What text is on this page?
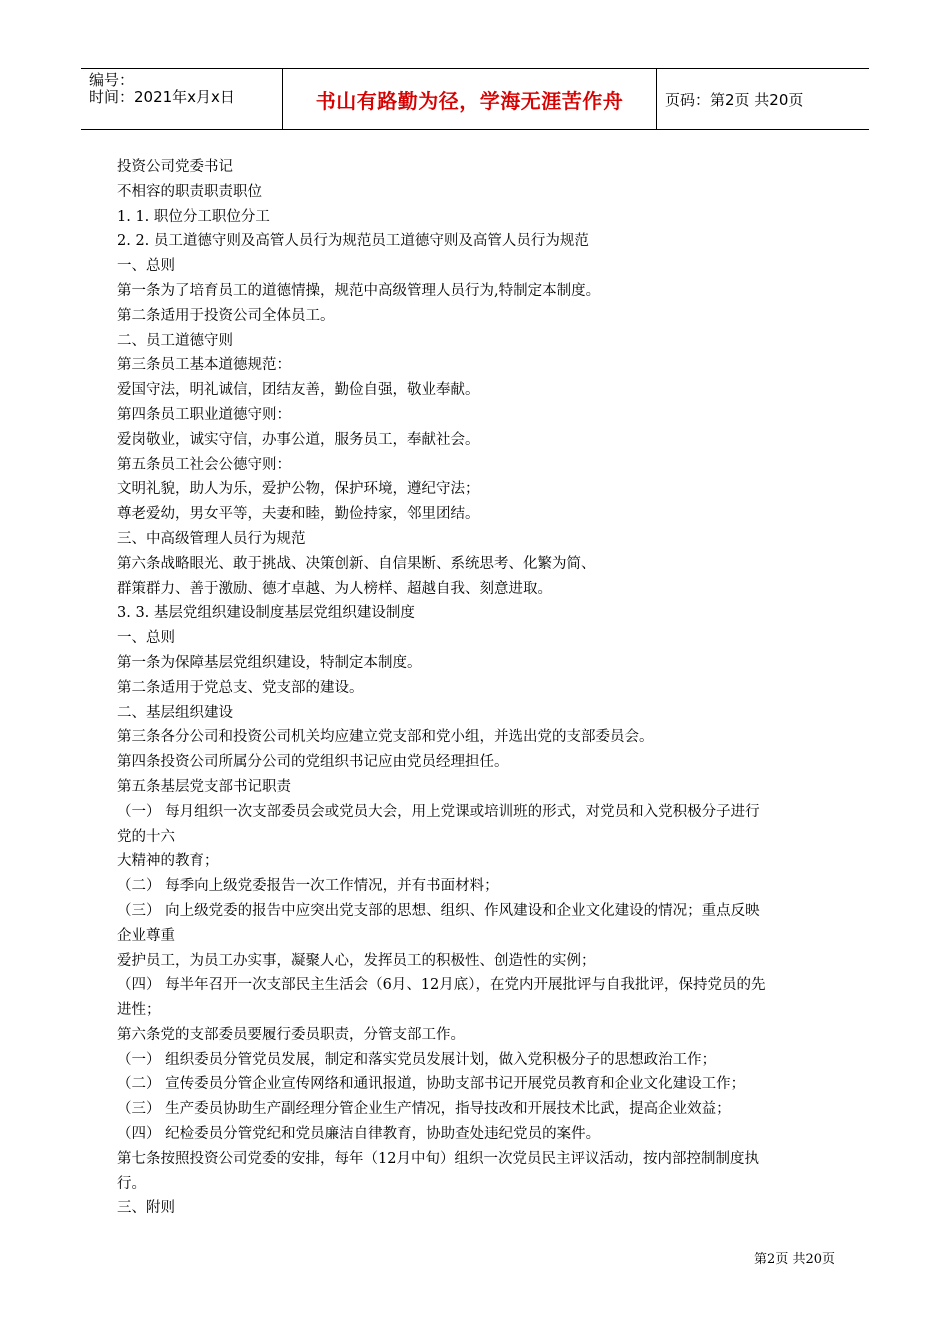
编号：
时间：2021年x月x日	书山有路勤为径，学海无涯苦作舟	页码：第2页 共20页
投资公司党委书记
不相容的职责职责职位
1. 1. 职位分工职位分工
2. 2. 员工道德守则及高管人员行为规范员工道德守则及高管人员行为规范
一、总则
第一条为了培育员工的道德情操，规范中高级管理人员行为,特制定本制度。
第二条适用于投资公司全体员工。
二、员工道德守则
第三条员工基本道德规范：
爱国守法，明礼诚信，团结友善，勤俭自强，敬业奉献。
第四条员工职业道德守则：
爱岗敬业，诚实守信，办事公道，服务员工，奉献社会。
第五条员工社会公德守则：
文明礼貌，助人为乐，爱护公物，保护环境，遵纪守法；
尊老爱幼，男女平等，夫妻和睦，勤俭持家，邻里团结。
三、中高级管理人员行为规范
第六条战略眼光、敢于挑战、决策创新、自信果断、系统思考、化繁为简、
群策群力、善于激励、德才卓越、为人榜样、超越自我、刻意进取。
3. 3. 基层党组织建设制度基层党组织建设制度
一、总则
第一条为保障基层党组织建设，特制定本制度。
第二条适用于党总支、党支部的建设。
二、基层组织建设
第三条各分公司和投资公司机关均应建立党支部和党小组，并选出党的支部委员会。
第四条投资公司所属分公司的党组织书记应由党员经理担任。
第五条基层党支部书记职责
（一） 每月组织一次支部委员会或党员大会，用上党课或培训班的形式，对党员和入党积极分子进行
党的十六
大精神的教育；
（二） 每季向上级党委报告一次工作情况，并有书面材料；
（三） 向上级党委的报告中应突出党支部的思想、组织、作风建设和企业文化建设的情况；重点反映
企业尊重
爱护员工，为员工办实事，凝聚人心，发挥员工的积极性、创造性的实例；
（四） 每半年召开一次支部民主生活会（6月、12月底），在党内开展批评与自我批评，保持党员的先
进性；
第六条党的支部委员要履行委员职责，分管支部工作。
（一） 组织委员分管党员发展，制定和落实党员发展计划，做入党积极分子的思想政治工作；
（二） 宣传委员分管企业宣传网络和通讯报道，协助支部书记开展党员教育和企业文化建设工作；
（三） 生产委员协助生产副经理分管企业生产情况，指导技改和开展技术比武，提高企业效益；
（四） 纪检委员分管党纪和党员廉洁自律教育，协助查处违纪党员的案件。
第七条按照投资公司党委的安排，每年（12月中旬）组织一次党员民主评议活动，按内部控制制度执
行。
三、附则
第2页 共20页
